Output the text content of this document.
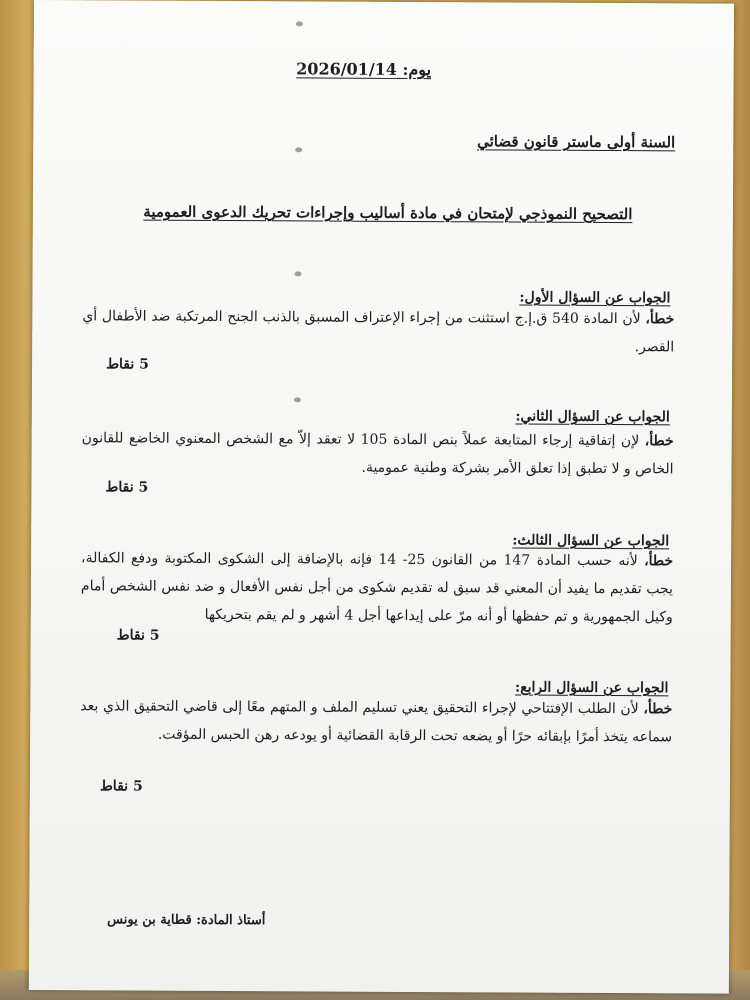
يوم: 2026/01/14
السنة أولى ماستر قانون قضائي
التصحيح النموذجي لإمتحان في مادة أساليب وإجراءات تحريك الدعوى العمومية
الجواب عن السؤال الأول:
خطأ، لأن المادة 540 ق.إ.ج استثنت من إجراء الإعتراف المسبق بالذنب الجنح المرتكبة ضد الأطفال أي القصر.
5 نقاط
الجواب عن السؤال الثاني:
خطأ، لإن إتفاقية إرجاء المتابعة عملاً بنص المادة 105 لا تعقد إلاّ مع الشخص المعنوي الخاضع للقانون الخاص و لا تطبق إذا تعلق الأمر بشركة وطنية عمومية.
5 نقاط
الجواب عن السؤال الثالث:
خطأ، لأنه حسب المادة 147 من القانون 25- 14 فإنه بالإضافة إلى الشكوى المكتوبة ودفع الكفالة، يجب تقديم ما يفيد أن المعني قد سبق له تقديم شكوى من أجل نفس الأفعال و ضد نفس الشخص أمام وكيل الجمهورية و تم حفظها أو أنه مرّ على إيداعها أجل 4 أشهر و لم يقم بتحريكها
5 نقاط
الجواب عن السؤال الرابع:
خطأ، لأن الطلب الإفتتاحي لإجراء التحقيق يعني تسليم الملف و المتهم معًا إلى قاضي التحقيق الذي بعد سماعه يتخذ أمرًا بإبقائه حرًا أو يضعه تحت الرقابة القضائية أو يودعه رهن الحبس المؤقت.
5 نقاط
أستاذ المادة: قطاية بن يونس
